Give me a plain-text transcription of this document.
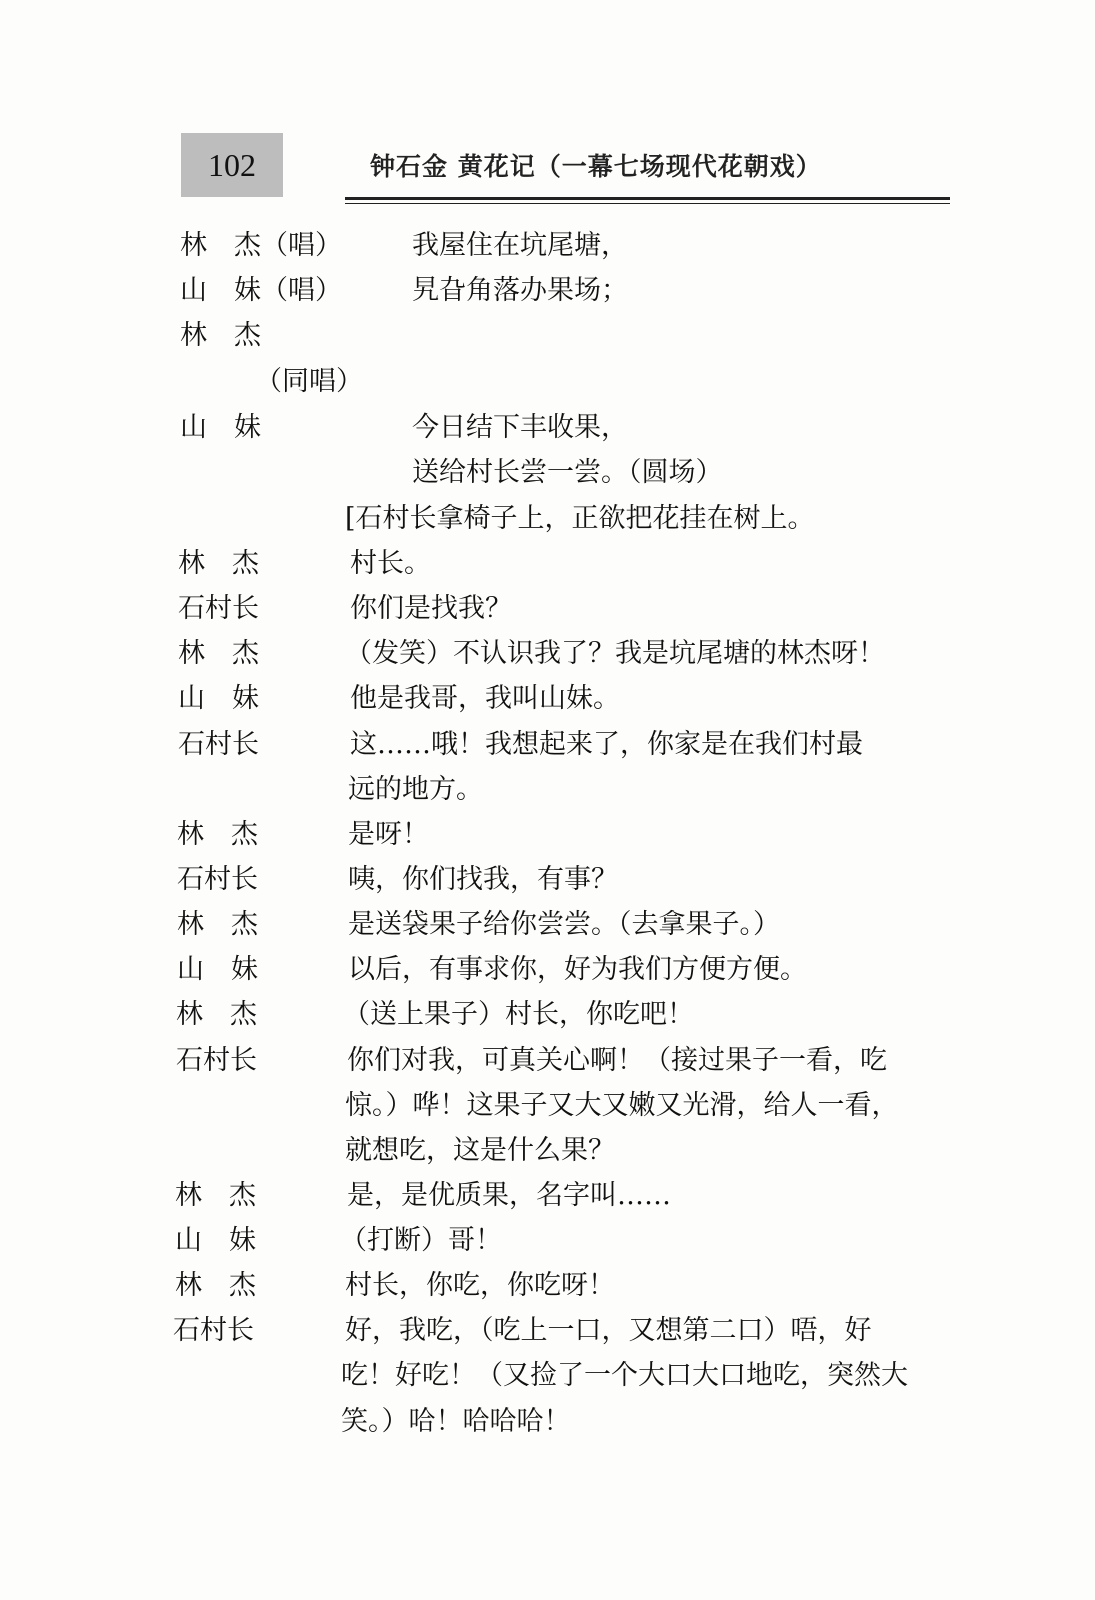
102	钟石金 黄花记（一幕七场现代花朝戏）
林　杰（唱）	我屋住在坑尾塘，
山　妹（唱）	旯旮角落办果场；
林　杰
（同唱）
山　妹	今日结下丰收果，
送给村长尝一尝。（圆场）
[石村长拿椅子上，正欲把花挂在树上。
林　杰	村长。
石村长	你们是找我？
林　杰	（发笑）不认识我了？我是坑尾塘的林杰呀！
山　妹	他是我哥，我叫山妹。
石村长	这……哦！我想起来了，你家是在我们村最
远的地方。
林　杰	是呀！
石村长	咦，你们找我，有事？
林　杰	是送袋果子给你尝尝。（去拿果子。）
山　妹	以后，有事求你，好为我们方便方便。
林　杰	（送上果子）村长，你吃吧！
石村长	你们对我，可真关心啊！（接过果子一看，吃
惊。）哗！这果子又大又嫩又光滑，给人一看，
就想吃，这是什么果？
林　杰	是，是优质果，名字叫……
山　妹	（打断）哥！
林　杰	村长，你吃，你吃呀！
石村长	好，我吃，（吃上一口，又想第二口）唔，好
吃！好吃！（又捡了一个大口大口地吃，突然大
笑。）哈！哈哈哈！
